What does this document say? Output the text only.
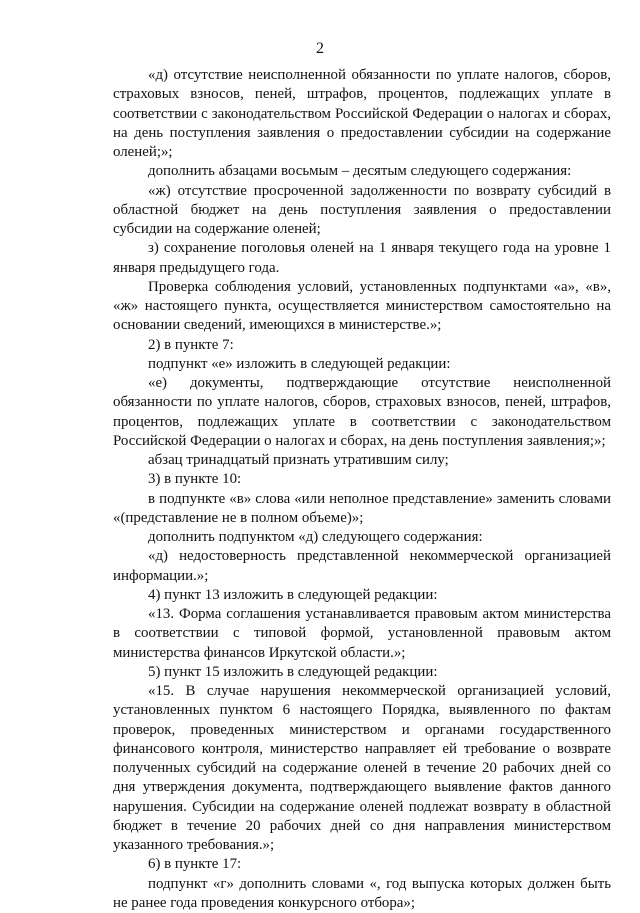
2

«д) отсутствие неисполненной обязанности по уплате налогов, сборов, страховых взносов, пеней, штрафов, процентов, подлежащих уплате в соответствии с законодательством Российской Федерации о налогах и сборах, на день поступления заявления о предоставлении субсидии на содержание оленей;»;

дополнить абзацами восьмым – десятым следующего содержания:

«ж) отсутствие просроченной задолженности по возврату субсидий в областной бюджет на день поступления заявления о предоставлении субсидии на содержание оленей;

з) сохранение поголовья оленей на 1 января текущего года на уровне 1 января предыдущего года.

Проверка соблюдения условий, установленных подпунктами «а», «в», «ж» настоящего пункта, осуществляется министерством самостоятельно на основании сведений, имеющихся в министерстве.»;

2) в пункте 7:

подпункт «е» изложить в следующей редакции:

«е) документы, подтверждающие отсутствие неисполненной обязанности по уплате налогов, сборов, страховых взносов, пеней, штрафов, процентов, подлежащих уплате в соответствии с законодательством Российской Федерации о налогах и сборах, на день поступления заявления;»;

абзац тринадцатый признать утратившим силу;

3) в пункте 10:

в подпункте «в» слова «или неполное представление» заменить словами «(представление не в полном объеме)»;

дополнить подпунктом «д) следующего содержания:

«д) недостоверность представленной некоммерческой организацией информации.»;

4) пункт 13 изложить в следующей редакции:

«13. Форма соглашения устанавливается правовым актом министерства в соответствии с типовой формой, установленной правовым актом министерства финансов Иркутской области.»;

5) пункт 15 изложить в следующей редакции:

«15. В случае нарушения некоммерческой организацией условий, установленных пунктом 6 настоящего Порядка, выявленного по фактам проверок, проведенных министерством и органами государственного финансового контроля, министерство направляет ей требование о возврате полученных субсидий на содержание оленей в течение 20 рабочих дней со дня утверждения документа, подтверждающего выявление фактов данного нарушения. Субсидии на содержание оленей подлежат возврату в областной бюджет в течение 20 рабочих дней со дня направления министерством указанного требования.»;

6) в пункте 17:

подпункт «г» дополнить словами «, год выпуска которых должен быть не ранее года проведения конкурсного отбора»;
